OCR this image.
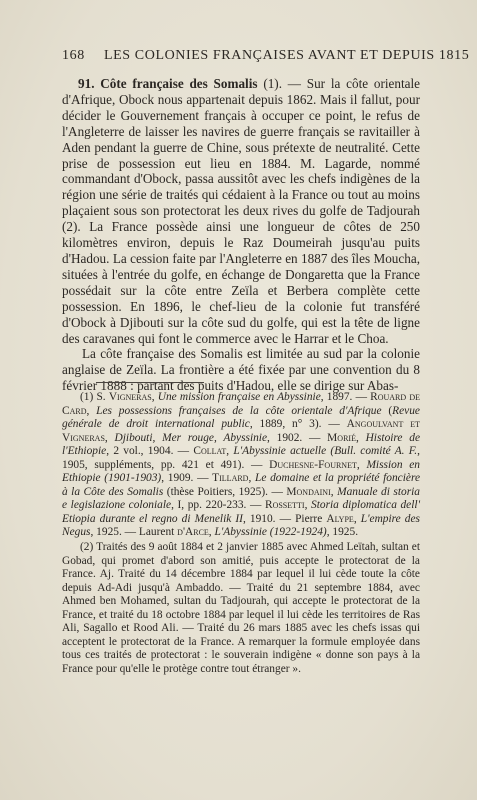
168 LES COLONIES FRANÇAISES AVANT ET DEPUIS 1815

91. Côte française des Somalis (1). — Sur la côte orientale d'Afrique, Obock nous appartenait depuis 1862. Mais il fallut, pour décider le Gouvernement français à occuper ce point, le refus de l'Angleterre de laisser les navires de guerre français se ravitailler à Aden pendant la guerre de Chine, sous prétexte de neutralité. Cette prise de possession eut lieu en 1884. M. Lagarde, nommé commandant d'Obock, passa aussitôt avec les chefs indigènes de la région une série de traités qui cédaient à la France ou tout au moins plaçaient sous son protectorat les deux rives du golfe de Tadjourah (2). La France possède ainsi une longueur de côtes de 250 kilomètres environ, depuis le Raz Doumeirah jusqu'au puits d'Hadou. La cession faite par l'Angleterre en 1887 des îles Moucha, situées à l'entrée du golfe, en échange de Dongaretta que la France possédait sur la côte entre Zeïla et Berbera complète cette possession. En 1896, le chef-lieu de la colonie fut transféré d'Obock à Djibouti sur la côte sud du golfe, qui est la tête de ligne des caravanes qui font le commerce avec le Harrar et le Choa.

La côte française des Somalis est limitée au sud par la colonie anglaise de Zeïla. La frontière a été fixée par une convention du 8 février 1888 : partant des puits d'Hadou, elle se dirige sur Abas-

(1) S. Vigneras, Une mission française en Abyssinie, 1897. — Rouard de Card, Les possessions françaises de la côte orientale d'Afrique (Revue générale de droit international public, 1889, n° 3). — Angoulvant et Vigneras, Djibouti, Mer rouge, Abyssinie, 1902. — Morié, Histoire de l'Ethiopie, 2 vol., 1904. — Collat, L'Abyssinie actuelle (Bull. comité A. F., 1905, suppléments, pp. 421 et 491). — Duchesne-Fournet, Mission en Ethiopie (1901-1903), 1909. — Tillard, Le domaine et la propriété foncière à la Côte des Somalis (thèse Poitiers, 1925). — Mondaini, Manuale di storia e legislazione coloniale, I, pp. 220-233. — Rossetti, Storia diplomatica dell' Etiopia durante el regno di Menelik II, 1910. — Pierre Alype, L'empire des Negus, 1925. — Laurent d'Arce, L'Abyssinie (1922-1924), 1925.

(2) Traités des 9 août 1884 et 2 janvier 1885 avec Ahmed Leïtah, sultan et Gobad, qui promet d'abord son amitié, puis accepte le protectorat de la France. Aj. Traité du 14 décembre 1884 par lequel il lui cède toute la côte depuis Ad-Adi jusqu'à Ambaddo. — Traité du 21 septembre 1884, avec Ahmed ben Mohamed, sultan du Tadjourah, qui accepte le protectorat de la France, et traité du 18 octobre 1884 par lequel il lui cède les territoires de Ras Ali, Sagallo et Rood Ali. — Traité du 26 mars 1885 avec les chefs issas qui acceptent le protectorat de la France. A remarquer la formule employée dans tous ces traités de protectorat : le souverain indigène « donne son pays à la France pour qu'elle le protège contre tout étranger ».
